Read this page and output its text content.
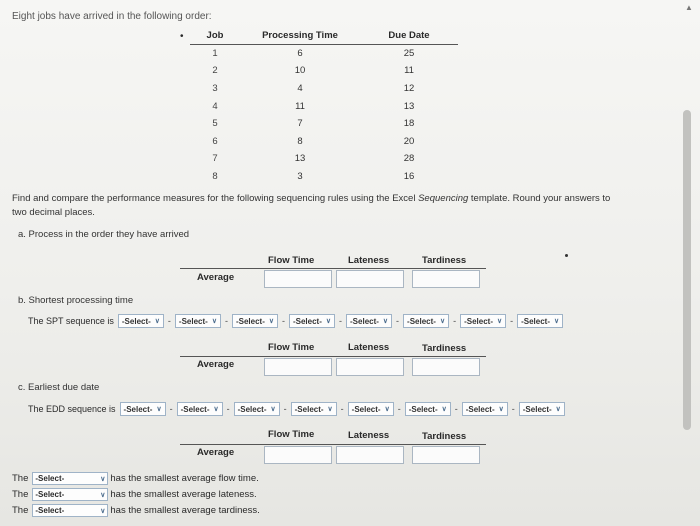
▲
Eight jobs have arrived in the following order:
• Job	Processing Time	Due Date
1	6	25
2	10	11
3	4	12
4	11	13
5	7	18
6	8	20
7	13	28
8	3	16
Find and compare the performance measures for the following sequencing rules using the Excel Sequencing template. Round your answers to two decimal places.
a. Process in the order they have arrived
Flow Time	Lateness	Tardiness
Average
b. Shortest processing time
The SPT sequence is -Select- ∨ - -Select- ∨ - -Select- ∨ - -Select- ∨ - -Select- ∨ - -Select- ∨ - -Select- ∨ - -Select- ∨
Flow Time	Lateness	Tardiness
Average
c. Earliest due date
The EDD sequence is -Select- ∨ - -Select- ∨ - -Select- ∨ - -Select- ∨ - -Select- ∨ - -Select- ∨ - -Select- ∨ - -Select- ∨
Flow Time	Lateness	Tardiness
Average
The -Select-	∨ has the smallest average flow time.
The -Select-	∨ has the smallest average lateness.
The -Select-	∨ has the smallest average tardiness.
